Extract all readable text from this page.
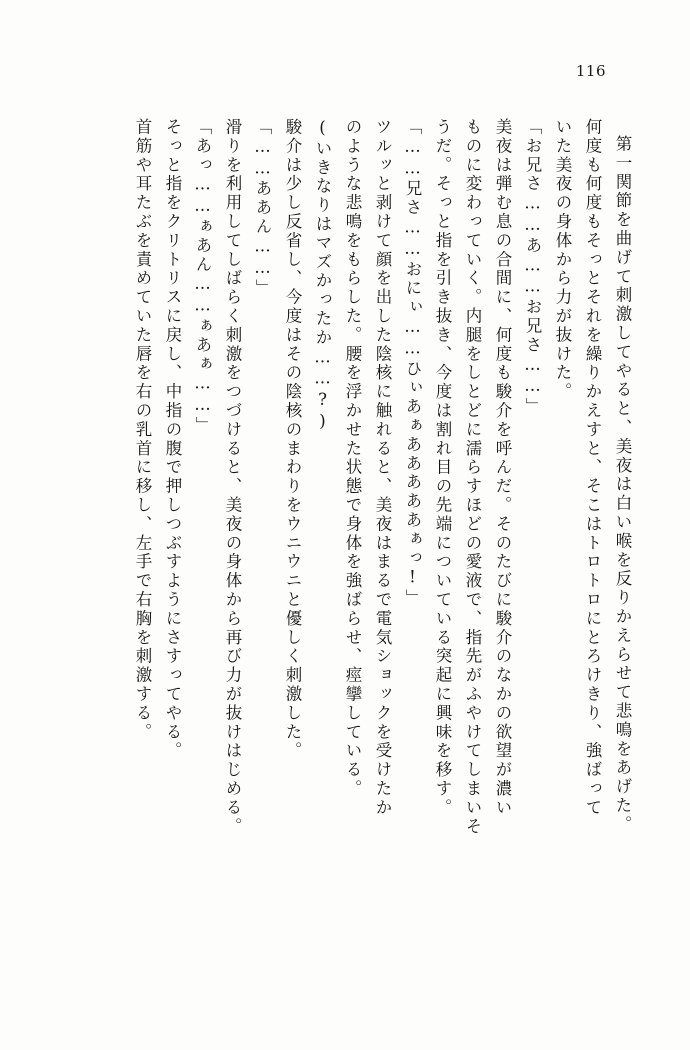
116
第一関節を曲げて刺激してやると、美夜は白い喉を反りかえらせて悲鳴をあげた。
何度も何度もそっとそれを繰りかえすと、そこはトロトロにとろけきり、強ばって
いた美夜の身体から力が抜けた。
「お兄さ……あ……お兄さ……」
美夜は弾む息の合間に、何度も駿介を呼んだ。そのたびに駿介のなかの欲望が濃い
ものに変わっていく。内腿をしとどに濡らすほどの愛液で、指先がふやけてしまいそ
うだ。そっと指を引き抜き、今度は割れ目の先端についている突起に興味を移す。
「……兄さ……おにぃ……ひぃあぁあああああぁっ!」
ツルッと剥けて顔を出した陰核に触れると、美夜はまるで電気ショックを受けたか
のような悲鳴をもらした。腰を浮かせた状態で身体を強ばらせ、痙攣している。
(いきなりはマズかったか……?)
駿介は少し反省し、今度はその陰核のまわりをウニウニと優しく刺激した。
「……ああん……」
滑りを利用してしばらく刺激をつづけると、美夜の身体から再び力が抜けはじめる。
「あっ……ぁあん……ぁあぁ……」
そっと指をクリトリスに戻し、中指の腹で押しつぶすようにさすってやる。
首筋や耳たぶを責めていた唇を右の乳首に移し、左手で右胸を刺激する。
